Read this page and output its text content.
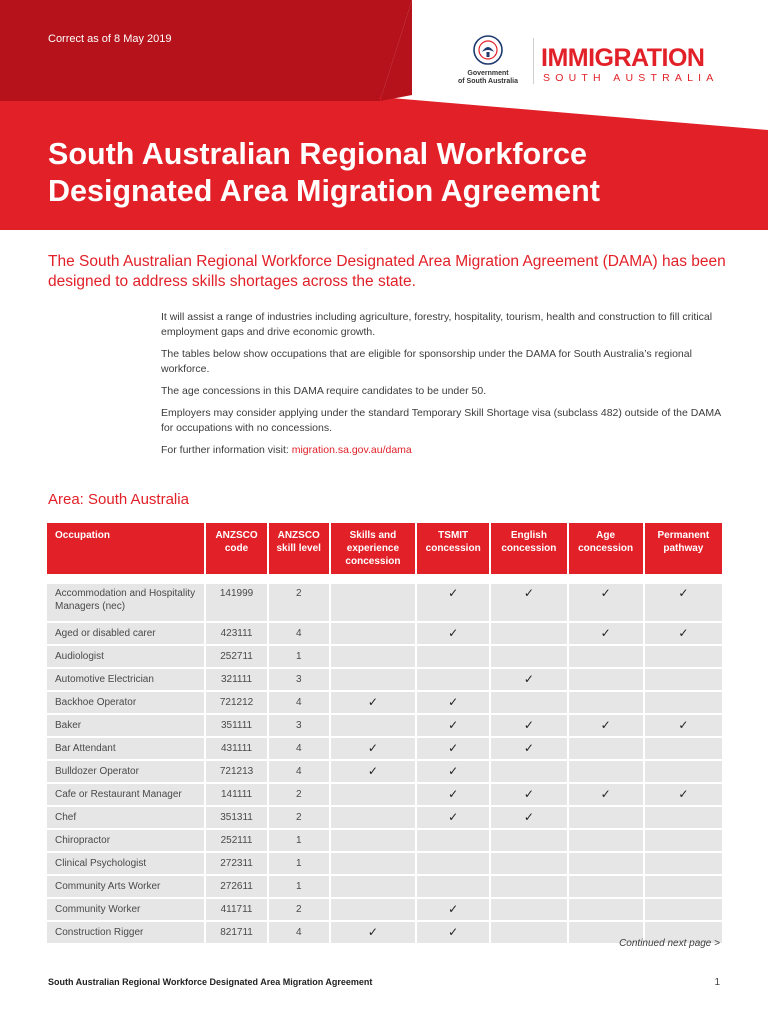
Correct as of 8 May 2019
Government
of South Australia
IMMIGRATION
SOUTH AUSTRALIA
South Australian Regional Workforce
Designated Area Migration Agreement

The South Australian Regional Workforce Designated Area Migration Agreement (DAMA) has been designed to address skills shortages across the state.

It will assist a range of industries including agriculture, forestry, hospitality, tourism, health and construction to fill critical employment gaps and drive economic growth.

The tables below show occupations that are eligible for sponsorship under the DAMA for South Australia’s regional workforce.

The age concessions in this DAMA require candidates to be under 50.

Employers may consider applying under the standard Temporary Skill Shortage visa (subclass 482) outside of the DAMA for occupations with no concessions.

For further information visit: migration.sa.gov.au/dama

Area: South Australia
Occupation	ANZSCO code	ANZSCO skill level	Skills and experience concession	TSMIT concession	English concession	Age concession	Permanent pathway

Accommodation and Hospitality Managers (nec)	141999	2		✓	✓	✓	✓
Aged or disabled carer	423111	4		✓		✓	✓
Audiologist	252711	1					
Automotive Electrician	321111	3			✓		
Backhoe Operator	721212	4	✓	✓			
Baker	351111	3		✓	✓	✓	✓
Bar Attendant	431111	4	✓	✓	✓		
Bulldozer Operator	721213	4	✓	✓			
Cafe or Restaurant Manager	141111	2		✓	✓	✓	✓
Chef	351311	2		✓	✓		
Chiropractor	252111	1					
Clinical Psychologist	272311	1					
Community Arts Worker	272611	1					
Community Worker	411711	2		✓			
Construction Rigger	821711	4	✓	✓			
Continued next page >
South Australian Regional Workforce Designated Area Migration Agreement	1
